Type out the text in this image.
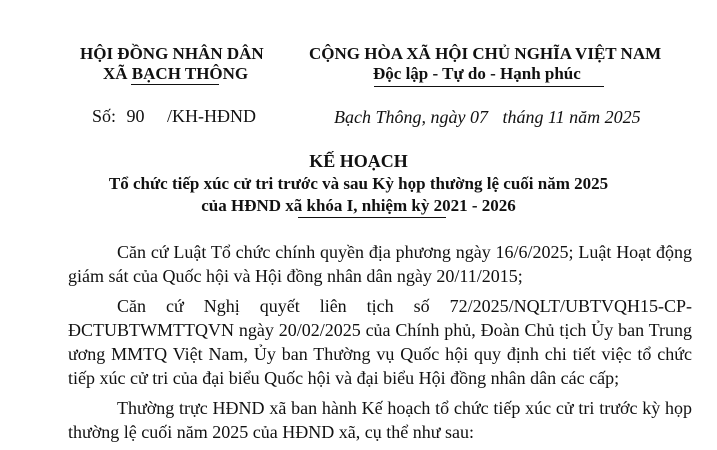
HỘI ĐỒNG NHÂN DÂN
XÃ BẠCH THÔNG
CỘNG HÒA XÃ HỘI CHỦ NGHĨA VIỆT NAM
Độc lập - Tự do - Hạnh phúc
Số: 90 /KH-HĐND	Bạch Thông, ngày 07 tháng 11 năm 2025
KẾ HOẠCH
Tổ chức tiếp xúc cử tri trước và sau Kỳ họp thường lệ cuối năm 2025
của HĐND xã khóa I, nhiệm kỳ 2021 - 2026
Căn cứ Luật Tổ chức chính quyền địa phương ngày 16/6/2025; Luật Hoạt động giám sát của Quốc hội và Hội đồng nhân dân ngày 20/11/2015;
Căn cứ Nghị quyết liên tịch số 72/2025/NQLT/UBTVQH15-CP-ĐCTUBTWMTTQVN ngày 20/02/2025 của Chính phủ, Đoàn Chủ tịch Ủy ban Trung ương MMTQ Việt Nam, Ủy ban Thường vụ Quốc hội quy định chi tiết việc tổ chức tiếp xúc cử tri của đại biểu Quốc hội và đại biểu Hội đồng nhân dân các cấp;
Thường trực HĐND xã ban hành Kế hoạch tổ chức tiếp xúc cử tri trước kỳ họp thường lệ cuối năm 2025 của HĐND xã, cụ thể như sau:
